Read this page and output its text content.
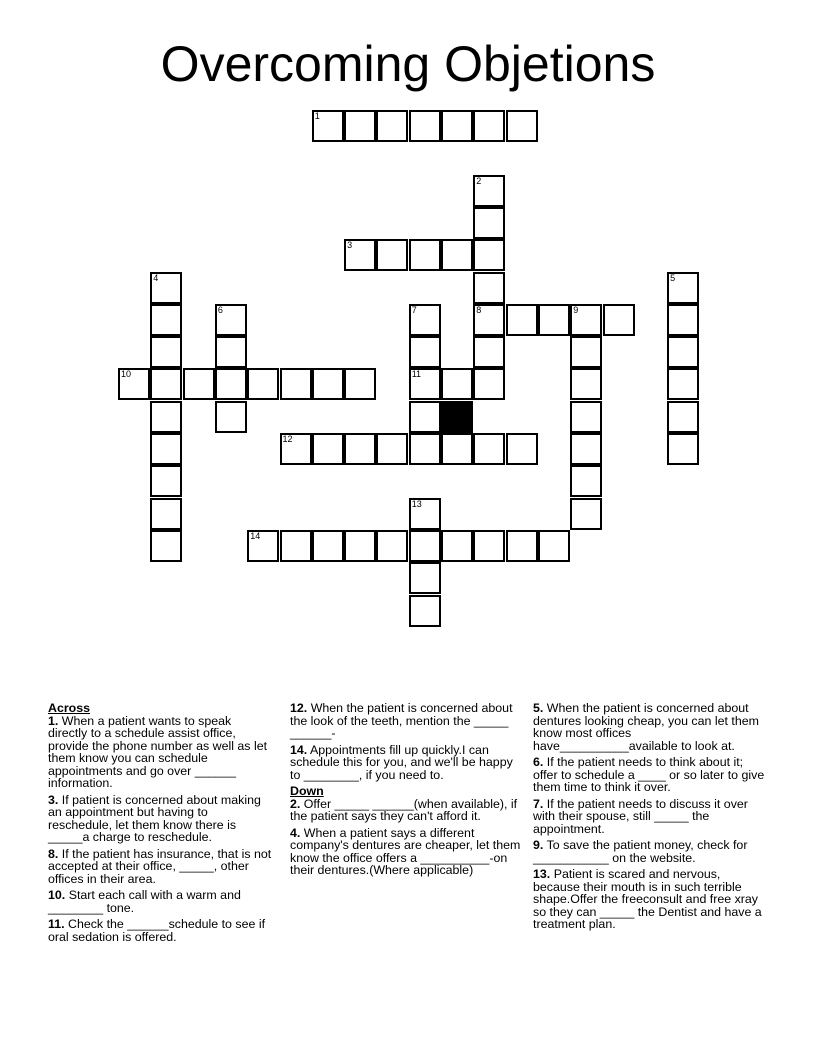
Overcoming Objetions
1
2
8
3
4	5
6	7
11
9
10
12
13
14
Across
1. When a patient wants to speak directly to a schedule assist office, provide the phone number as well as let them know you can schedule appointments and go over ______ information.
3. If patient is concerned about making an appointment but having to reschedule, let them know there is _____a charge to reschedule.
8. If the patient has insurance, that is not accepted at their office, _____, other offices in their area.
10. Start each call with a warm and ________ tone.
11. Check the ______schedule to see if oral sedation is offered.
12. When the patient is concerned about the look of the teeth, mention the _____ ______-
14. Appointments fill up quickly.I can schedule this for you, and we'll be happy to ________, if you need to.
Down
2. Offer _____ ______(when available), if the patient says they can't afford it.
4. When a patient says a different company's dentures are cheaper, let them know the office offers a __________-on their dentures.(Where applicable)
5. When the patient is concerned about dentures looking cheap, you can let them know most offices have__________available to look at.
6. If the patient needs to think about it; offer to schedule a ____ or so later to give them time to think it over.
7. If the patient needs to discuss it over with their spouse, still _____ the appointment.
9. To save the patient money, check for ___________ on the website.
13. Patient is scared and nervous, because their mouth is in such terrible shape.Offer the freeconsult and free xray so they can _____ the Dentist and have a treatment plan.
